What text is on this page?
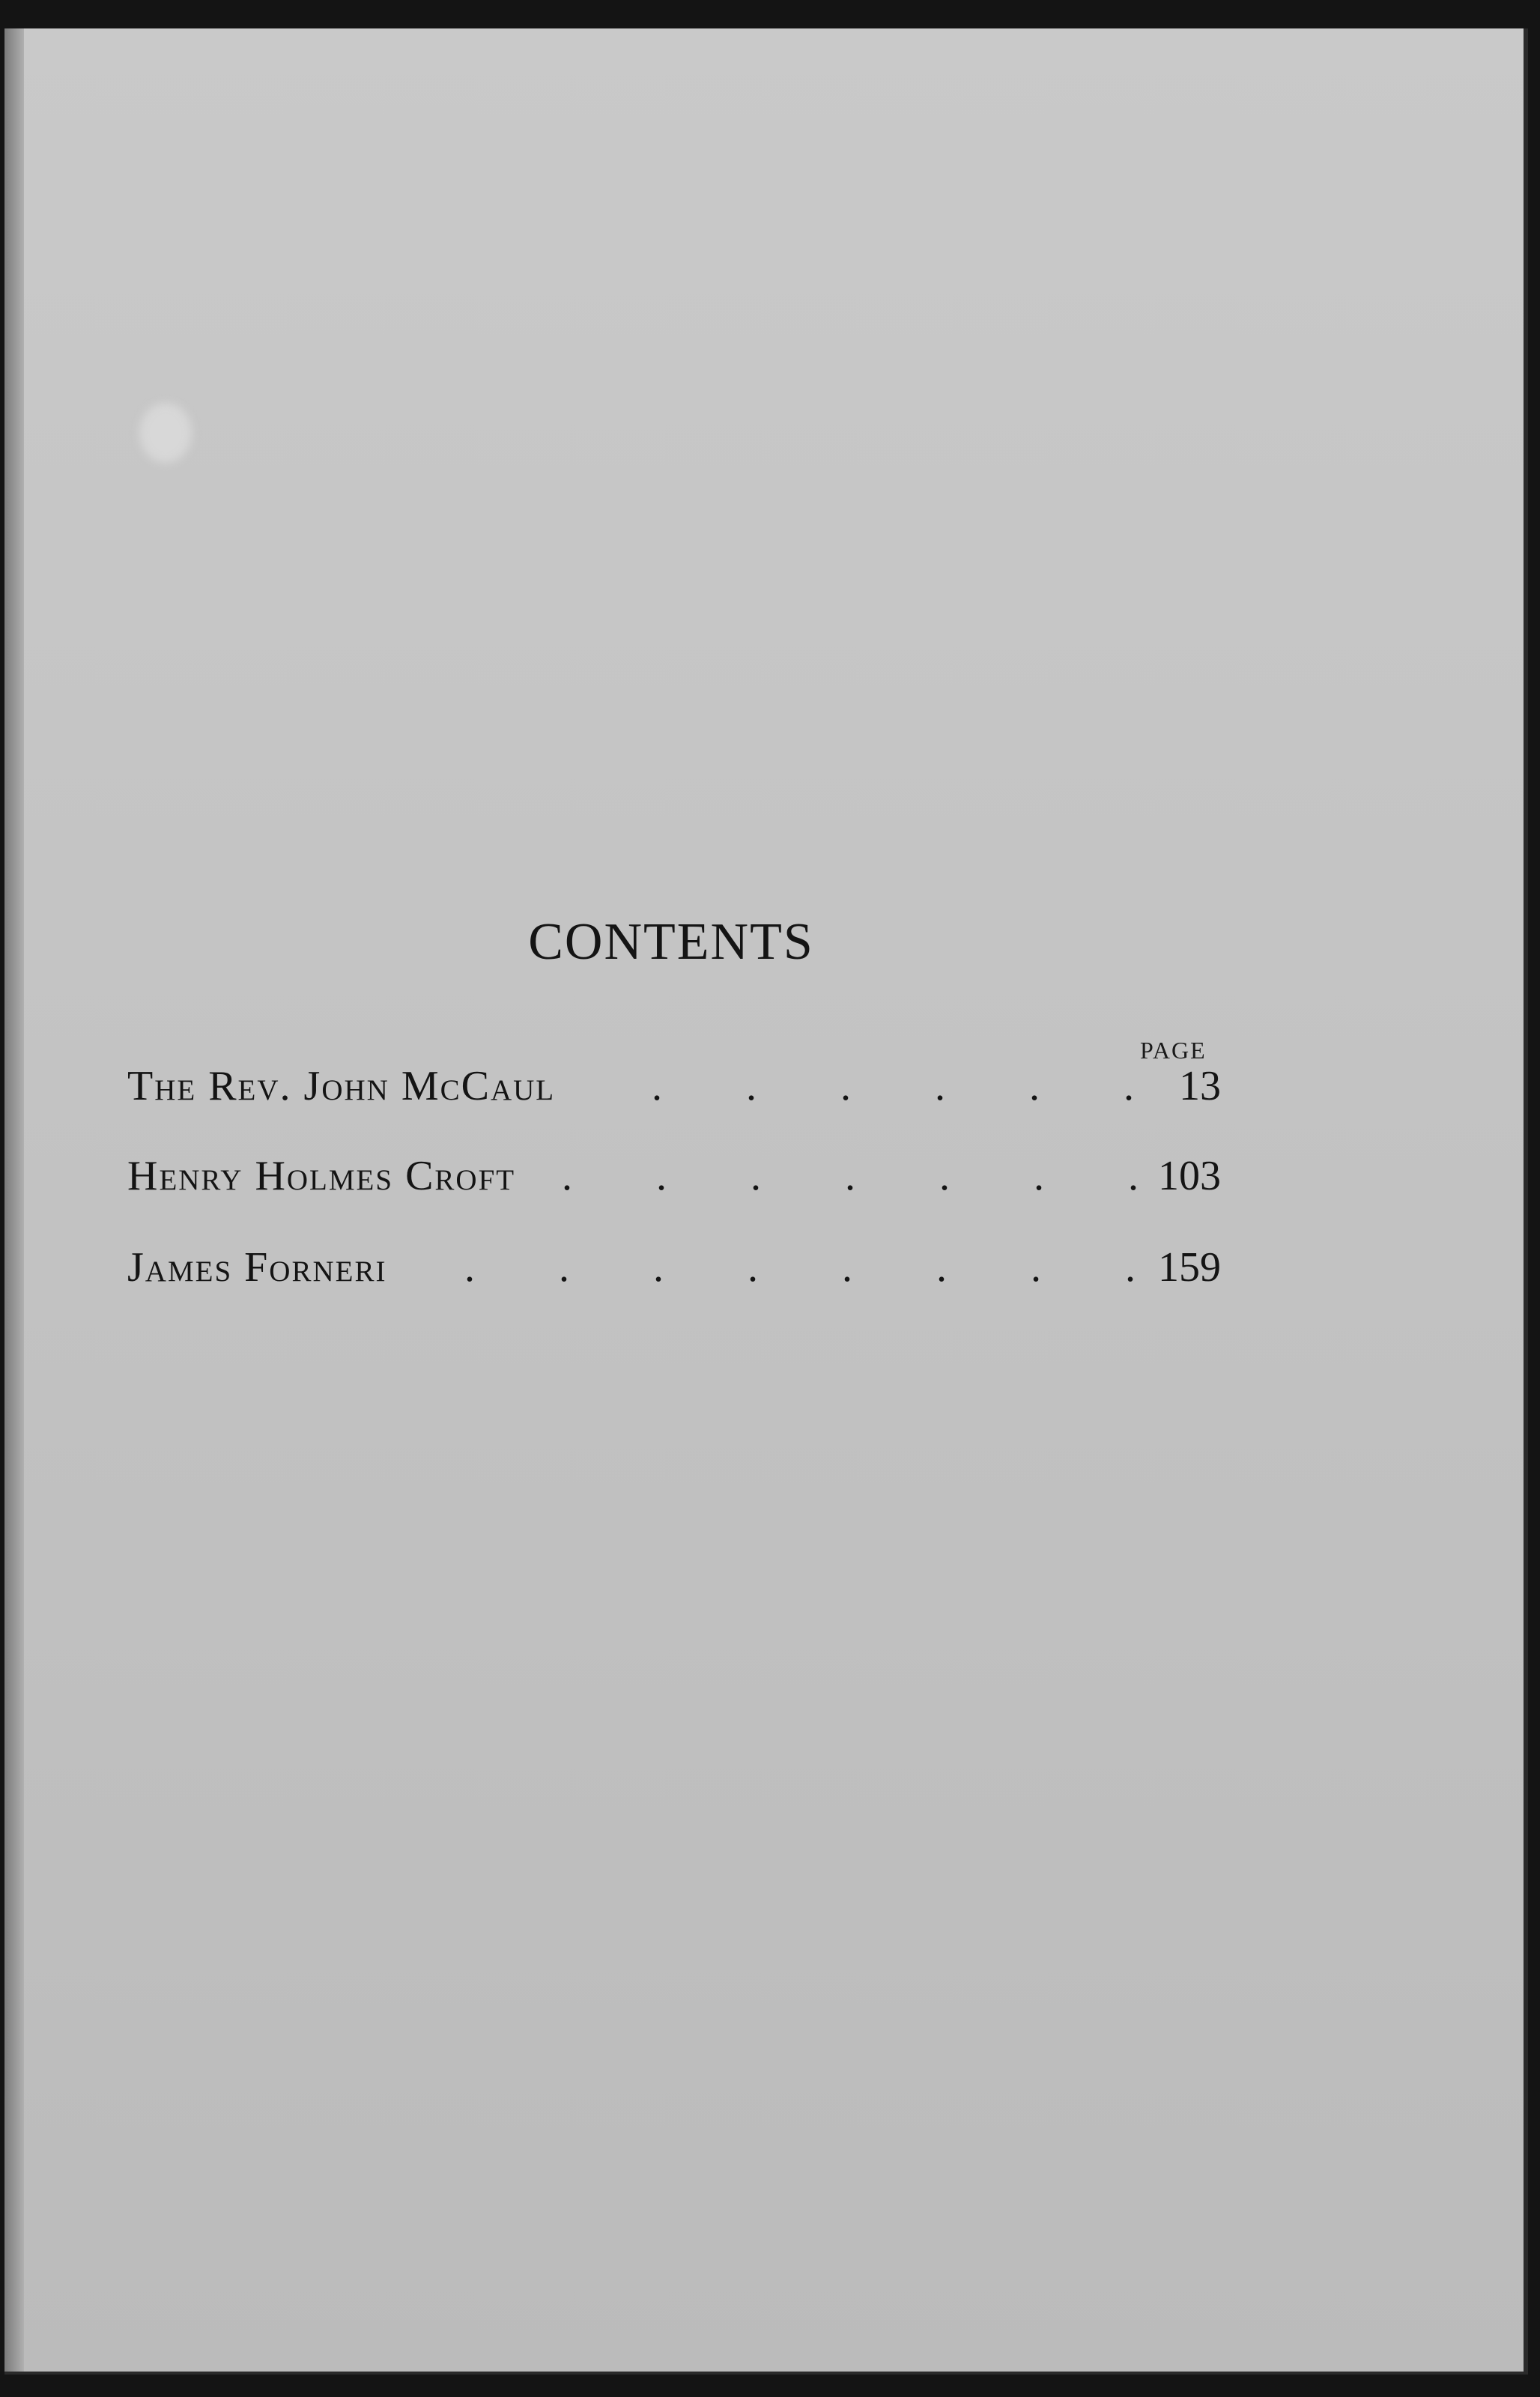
CONTENTS
PAGE
The Rev. John McCaul .        .        .        .        .        .	13
Henry Holmes Croft .        .        .        .        .        .        . 103
James Forneri .        .        .        .        .        .        .        . 159
